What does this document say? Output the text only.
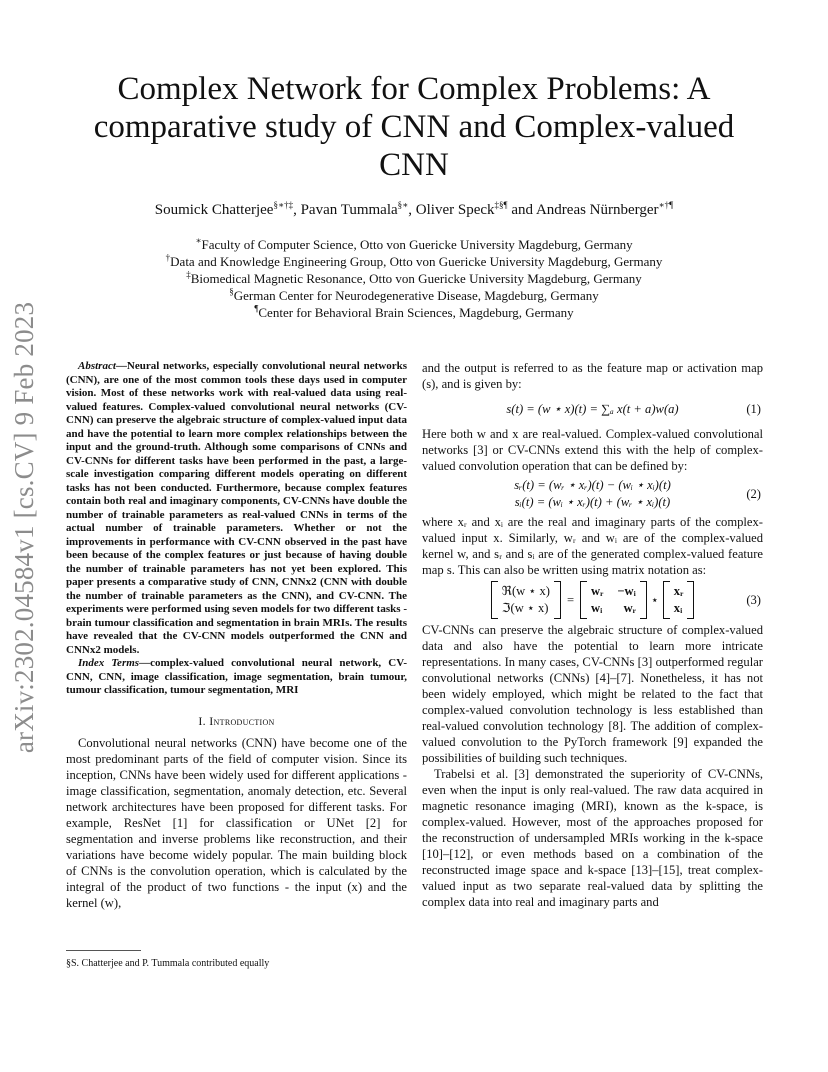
arXiv:2302.04584v1 [cs.CV] 9 Feb 2023
Complex Network for Complex Problems: A comparative study of CNN and Complex-valued CNN
Soumick Chatterjee§∗†‡, Pavan Tummala§∗, Oliver Speck‡§¶ and Andreas Nürnberger∗†¶
∗Faculty of Computer Science, Otto von Guericke University Magdeburg, Germany
†Data and Knowledge Engineering Group, Otto von Guericke University Magdeburg, Germany
‡Biomedical Magnetic Resonance, Otto von Guericke University Magdeburg, Germany
§German Center for Neurodegenerative Disease, Magdeburg, Germany
¶Center for Behavioral Brain Sciences, Magdeburg, Germany

Abstract—Neural networks, especially convolutional neural networks (CNN), are one of the most common tools these days used in computer vision. Most of these networks work with real-valued data using real-valued features. Complex-valued convolutional neural networks (CV-CNN) can preserve the algebraic structure of complex-valued input data and have the potential to learn more complex relationships between the input and the ground-truth. Although some comparisons of CNNs and CV-CNNs for different tasks have been performed in the past, a large-scale investigation comparing different models operating on different tasks has not been conducted. Furthermore, because complex features contain both real and imaginary components, CV-CNNs have double the number of trainable parameters as real-valued CNNs in terms of the actual number of trainable parameters. Whether or not the improvements in performance with CV-CNN observed in the past have been because of the complex features or just because of having double the number of trainable parameters has not yet been explored. This paper presents a comparative study of CNN, CNNx2 (CNN with double the number of trainable parameters as the CNN), and CV-CNN. The experiments were performed using seven models for two different tasks - brain tumour classification and segmentation in brain MRIs. The results have revealed that the CV-CNN models outperformed the CNN and CNNx2 models.

Index Terms—complex-valued convolutional neural network, CV-CNN, CNN, image classification, image segmentation, brain tumour, tumour classification, tumour segmentation, MRI

I. Introduction

Convolutional neural networks (CNN) have become one of the most predominant parts of the field of computer vision. Since its inception, CNNs have been widely used for different applications - image classification, segmentation, anomaly detection, etc. Several network architectures have been proposed for different tasks. For example, ResNet [1] for classification or UNet [2] for segmentation and inverse problems like reconstruction, and their variations have become widely popular. The main building block of CNNs is the convolution operation, which is calculated by the integral of the product of two functions - the input (x) and the kernel (w),

§S. Chatterjee and P. Tummala contributed equally

and the output is referred to as the feature map or activation map (s), and is given by:

s(t) = (w ⋆ x)(t) = ∑ₐ x(t + a)w(a)	(1)

Here both w and x are real-valued. Complex-valued convolutional networks [3] or CV-CNNs extend this with the help of complex-valued convolution operation that can be defined by:

sᵣ(t) = (wᵣ ⋆ xᵣ)(t) − (wᵢ ⋆ xᵢ)(t)
sᵢ(t) = (wᵢ ⋆ xᵣ)(t) + (wᵣ ⋆ xᵢ)(t)
(2)

where xᵣ and xᵢ are the real and imaginary parts of the complex-valued input x. Similarly, wᵣ and wᵢ are of the complex-valued kernel w, and sᵣ and sᵢ are of the generated complex-valued feature map s. This can also be written using matrix notation as:

ℜ(w ⋆ x)
ℑ(w ⋆ x)
=
wᵣ −wᵢ
wᵢ wᵣ
⋆
xᵣ
xᵢ
(3)

CV-CNNs can preserve the algebraic structure of complex-valued data and also have the potential to learn more intricate representations. In many cases, CV-CNNs [3] outperformed regular convolutional networks (CNNs) [4]–[7]. Nonetheless, it has not been widely employed, which might be related to the fact that complex-valued convolution technology is less established than real-valued convolution technology [8]. The addition of complex-valued convolution to the PyTorch framework [9] expanded the possibilities of building such techniques.

Trabelsi et al. [3] demonstrated the superiority of CV-CNNs, even when the input is only real-valued. The raw data acquired in magnetic resonance imaging (MRI), known as the k-space, is complex-valued. However, most of the approaches proposed for the reconstruction of undersampled MRIs working in the k-space [10]–[12], or even methods based on a combination of the reconstructed image space and k-space [13]–[15], treat complex-valued input as two separate real-valued data by splitting the complex data into real and imaginary parts and
